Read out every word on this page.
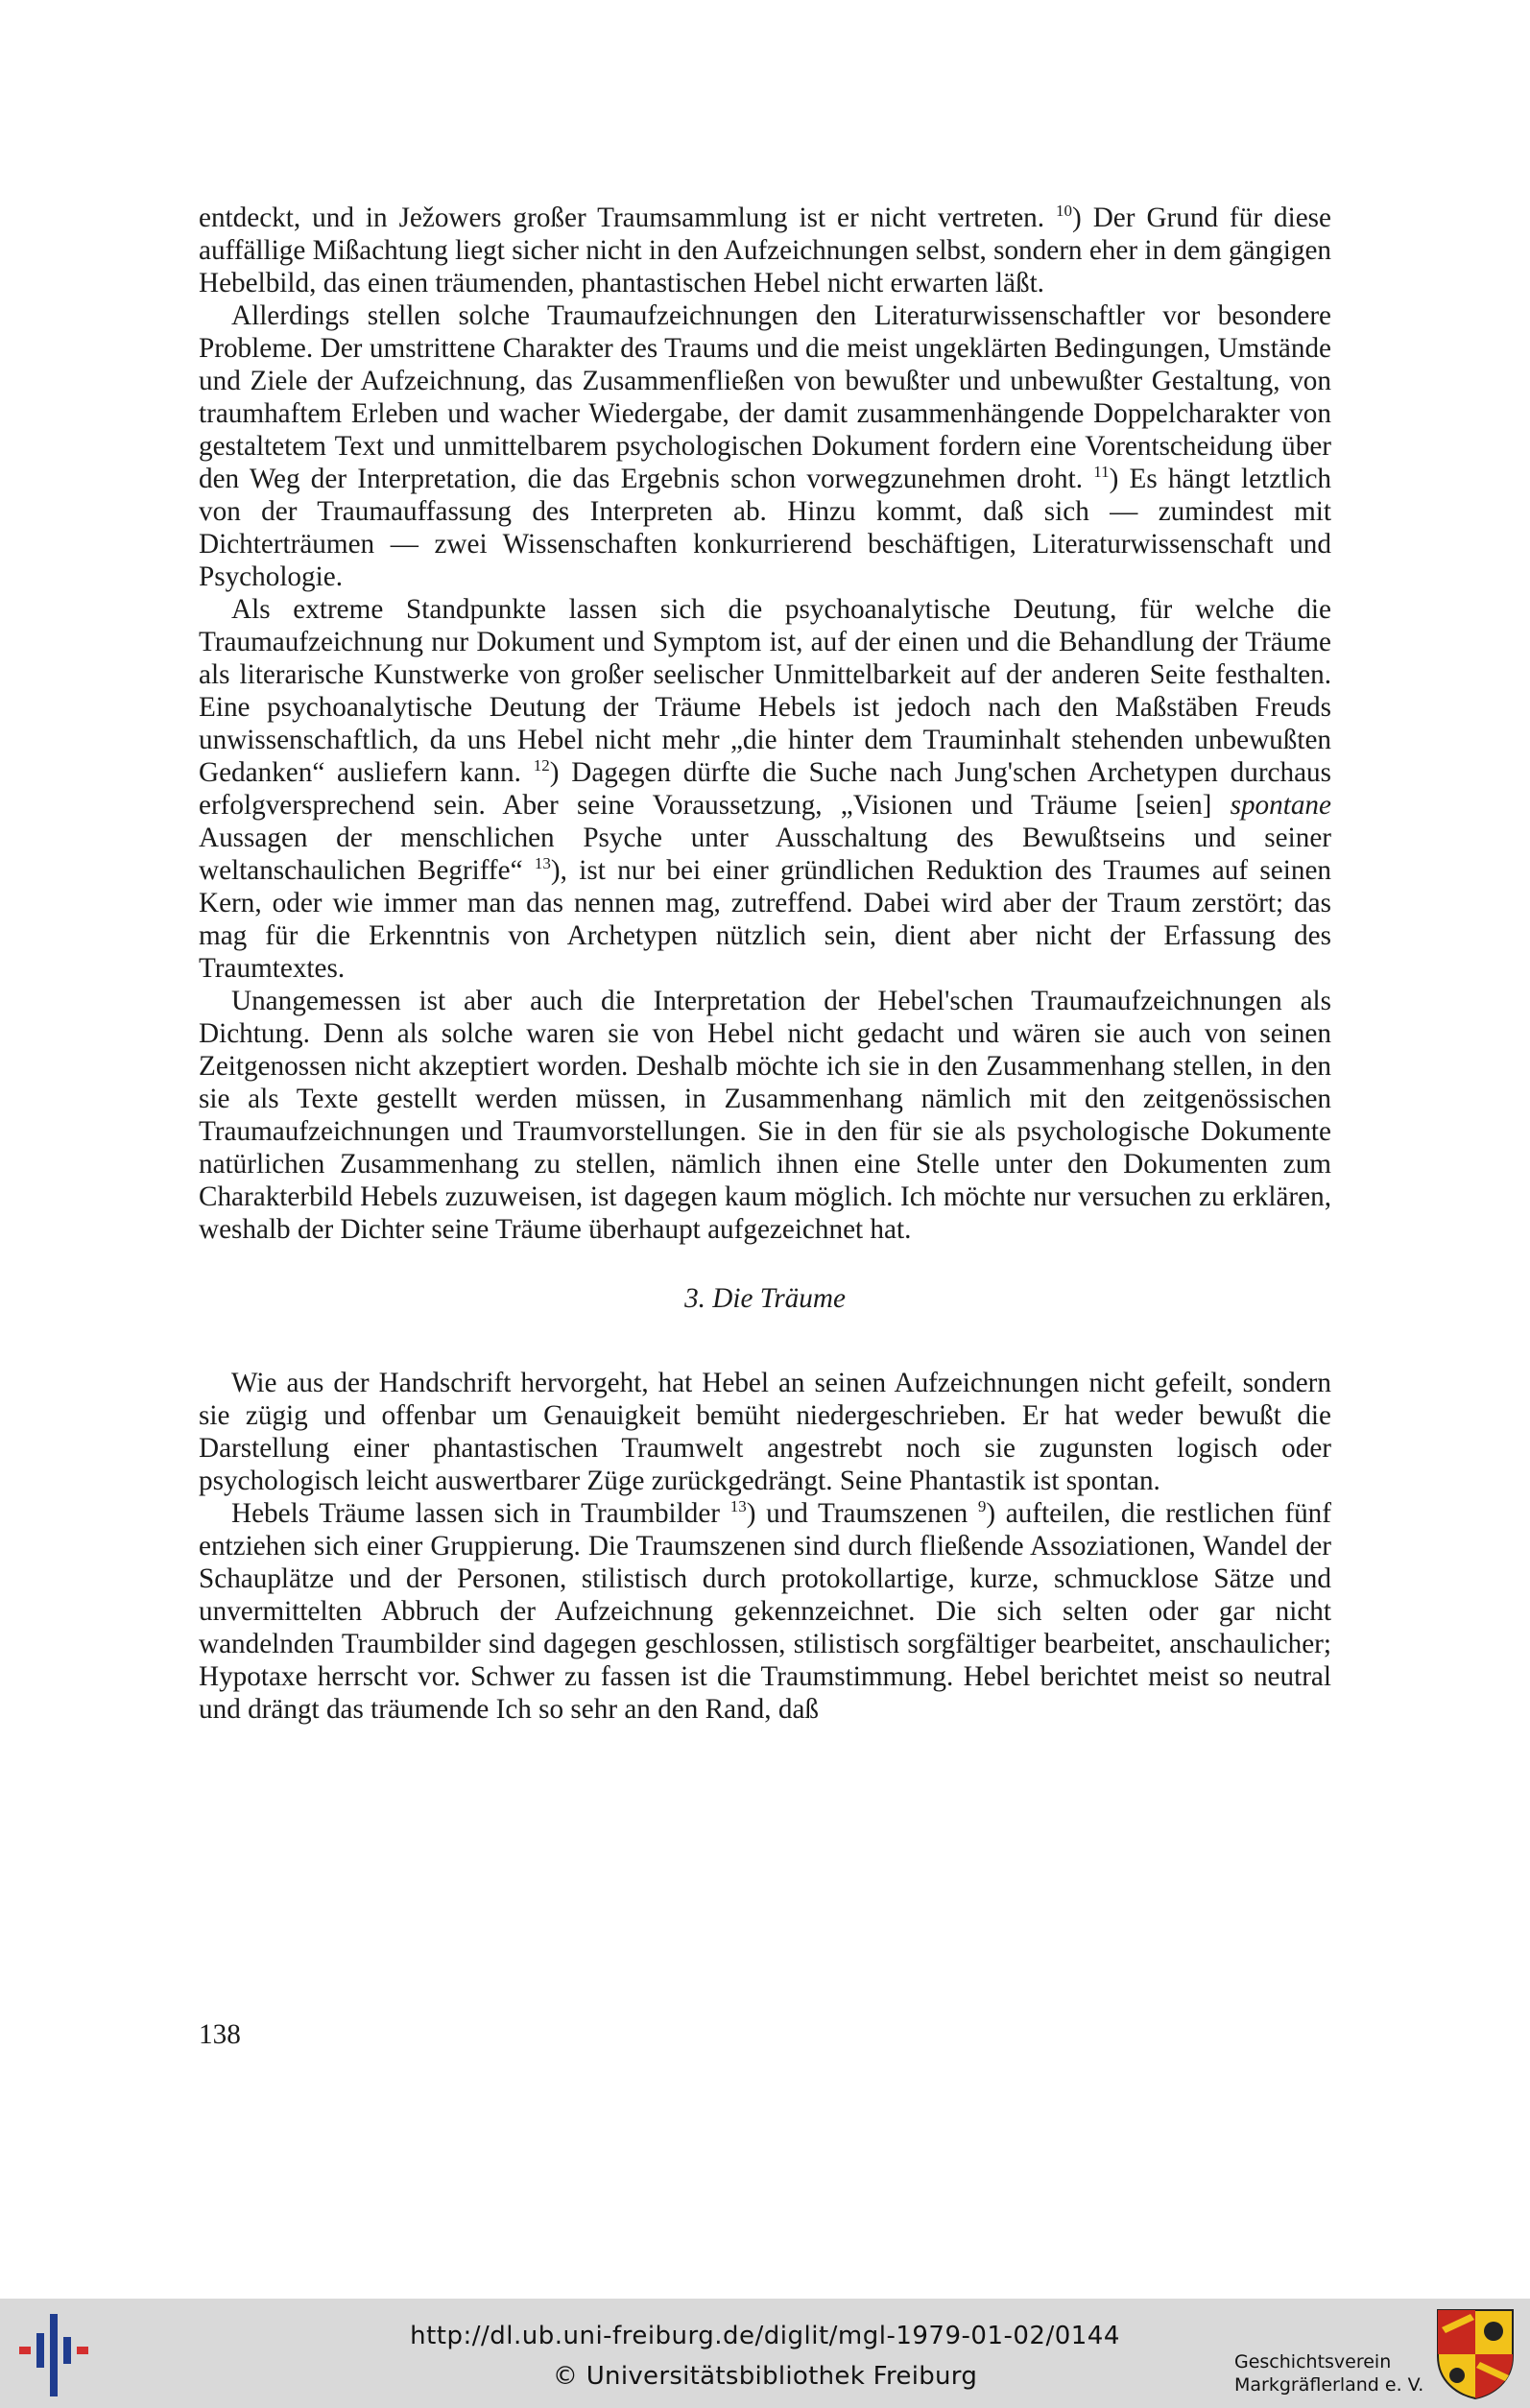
entdeckt, und in Ježowers großer Traumsammlung ist er nicht vertreten. $^{10}$) Der Grund für diese auffällige Mißachtung liegt sicher nicht in den Aufzeichnungen selbst, sondern eher in dem gängigen Hebelbild, das einen träumenden, phantastischen Hebel nicht erwarten läßt.

Allerdings stellen solche Traumaufzeichnungen den Literaturwissenschaftler vor besondere Probleme. Der umstrittene Charakter des Traums und die meist ungeklärten Bedingungen, Umstände und Ziele der Aufzeichnung, das Zusammenfließen von bewußter und unbewußter Gestaltung, von traumhaftem Erleben und wacher Wiedergabe, der damit zusammenhängende Doppelcharakter von gestaltetem Text und unmittelbarem psychologischen Dokument fordern eine Vorentscheidung über den Weg der Interpretation, die das Ergebnis schon vorwegzunehmen droht. $^{11}$) Es hängt letztlich von der Traumauffassung des Interpreten ab. Hinzu kommt, daß sich — zumindest mit Dichterträumen — zwei Wissenschaften konkurrierend beschäftigen, Literaturwissenschaft und Psychologie.

Als extreme Standpunkte lassen sich die psychoanalytische Deutung, für welche die Traumaufzeichnung nur Dokument und Symptom ist, auf der einen und die Behandlung der Träume als literarische Kunstwerke von großer seelischer Unmittelbarkeit auf der anderen Seite festhalten. Eine psychoanalytische Deutung der Träume Hebels ist jedoch nach den Maßstäben Freuds unwissenschaftlich, da uns Hebel nicht mehr „die hinter dem Trauminhalt stehenden unbewußten Gedanken“ ausliefern kann. $^{12}$) Dagegen dürfte die Suche nach Jung'schen Archetypen durchaus erfolgversprechend sein. Aber seine Voraussetzung, „Visionen und Träume [seien] spontane Aussagen der menschlichen Psyche unter Ausschaltung des Bewußtseins und seiner weltanschaulichen Begriffe“ $^{13}$), ist nur bei einer gründlichen Reduktion des Traumes auf seinen Kern, oder wie immer man das nennen mag, zutreffend. Dabei wird aber der Traum zerstört; das mag für die Erkenntnis von Archetypen nützlich sein, dient aber nicht der Erfassung des Traumtextes.

Unangemessen ist aber auch die Interpretation der Hebel'schen Traumaufzeichnungen als Dichtung. Denn als solche waren sie von Hebel nicht gedacht und wären sie auch von seinen Zeitgenossen nicht akzeptiert worden. Deshalb möchte ich sie in den Zusammenhang stellen, in den sie als Texte gestellt werden müssen, in Zusammenhang nämlich mit den zeitgenössischen Traumaufzeichnungen und Traumvorstellungen. Sie in den für sie als psychologische Dokumente natürlichen Zusammenhang zu stellen, nämlich ihnen eine Stelle unter den Dokumenten zum Charakterbild Hebels zuzuweisen, ist dagegen kaum möglich. Ich möchte nur versuchen zu erklären, weshalb der Dichter seine Träume überhaupt aufgezeichnet hat.

3. Die Träume

Wie aus der Handschrift hervorgeht, hat Hebel an seinen Aufzeichnungen nicht gefeilt, sondern sie zügig und offenbar um Genauigkeit bemüht niedergeschrieben. Er hat weder bewußt die Darstellung einer phantastischen Traumwelt angestrebt noch sie zugunsten logisch oder psychologisch leicht auswertbarer Züge zurückgedrängt. Seine Phantastik ist spontan.

Hebels Träume lassen sich in Traumbilder $^{13}$) und Traumszenen $^9$) aufteilen, die restlichen fünf entziehen sich einer Gruppierung. Die Traumszenen sind durch fließende Assoziationen, Wandel der Schauplätze und der Personen, stilistisch durch protokollartige, kurze, schmucklose Sätze und unvermittelten Abbruch der Aufzeichnung gekennzeichnet. Die sich selten oder gar nicht wandelnden Traumbilder sind dagegen geschlossen, stilistisch sorgfältiger bearbeitet, anschaulicher; Hypotaxe herrscht vor. Schwer zu fassen ist die Traumstimmung. Hebel berichtet meist so neutral und drängt das träumende Ich so sehr an den Rand, daß

138
http://dl.ub.uni-freiburg.de/diglit/mgl-1979-01-02/0144
© Universitätsbibliothek Freiburg	Geschichtsverein
Markgräflerland e. V.
